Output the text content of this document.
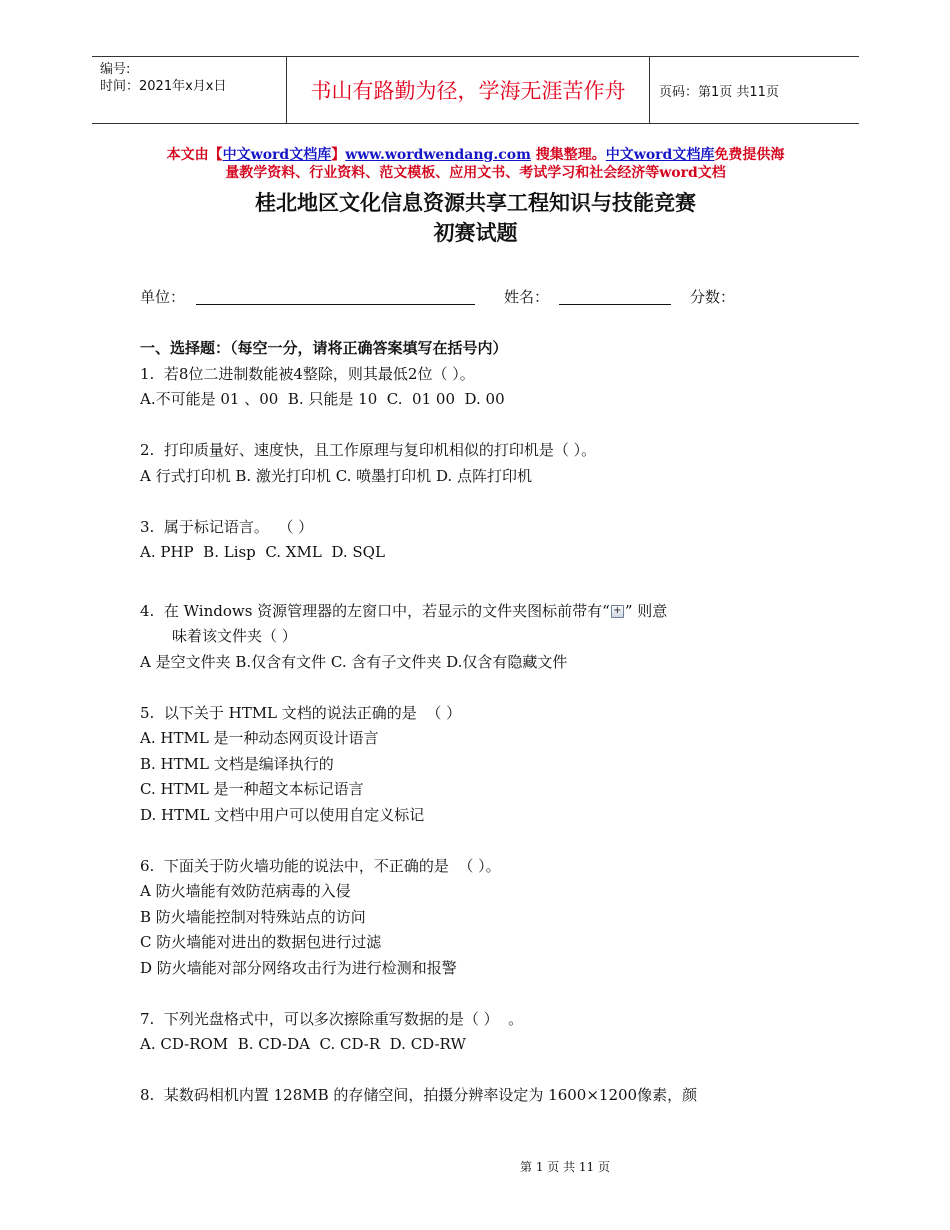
编号:
时间：2021年x月x日	书山有路勤为径，学海无涯苦作舟	页码：第1页 共11页
本文由【中文word文档库】www.wordwendang.com 搜集整理。中文word文档库免费提供海
量教学资料、行业资料、范文模板、应用文书、考试学习和社会经济等word文档
桂北地区文化信息资源共享工程知识与技能竞赛
初赛试题
单位：	姓名：	分数：
一、选择题：（每空一分，请将正确答案填写在括号内）
1.  若8位二进制数能被4整除，则其最低2位（ ）。
A.不可能是 01 、00  B. 只能是 10  C.  01 00  D. 00
2.  打印质量好、速度快，且工作原理与复印机相似的打印机是（ ）。
A 行式打印机 B. 激光打印机 C. 喷墨打印机 D. 点阵打印机
3.  属于标记语言。  （ ）
A. PHP  B. Lisp  C. XML  D. SQL
4.  在 Windows 资源管理器的左窗口中，若显示的文件夹图标前带有“ + ” 则意
味着该文件夹（ ）
A 是空文件夹 B.仅含有文件 C. 含有子文件夹 D.仅含有隐藏文件
5.  以下关于 HTML 文档的说法正确的是  （ ）
A. HTML 是一种动态网页设计语言
B. HTML 文档是编译执行的
C. HTML 是一种超文本标记语言
D. HTML 文档中用户可以使用自定义标记
6.  下面关于防火墙功能的说法中，不正确的是  （ ）。
A 防火墙能有效防范病毒的入侵
B 防火墙能控制对特殊站点的访问
C 防火墙能对进出的数据包进行过滤
D 防火墙能对部分网络攻击行为进行检测和报警
7.  下列光盘格式中，可以多次擦除重写数据的是（ ）  。
A. CD-ROM  B. CD-DA  C. CD-R  D. CD-RW
8.  某数码相机内置 128MB 的存储空间，拍摄分辨率设定为 1600×1200像素，颜
第 1 页 共 11 页
